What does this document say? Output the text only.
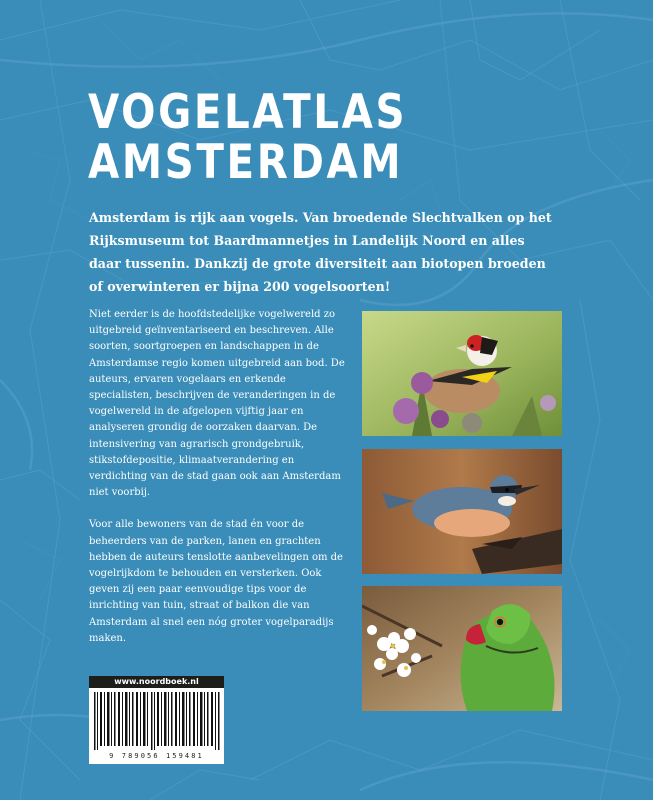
VOGELATLAS
AMSTERDAM

Amsterdam is rijk aan vogels. Van broedende Slechtvalken op het Rijksmuseum tot Baardmannetjes in Landelijk Noord en alles daar tussenin. Dankzij de grote diversiteit aan biotopen broeden of overwinteren er bijna 200 vogelsoorten!

Niet eerder is de hoofdstedelijke vogelwereld zo uitgebreid geïnventariseerd en beschreven. Alle soorten, soortgroepen en landschappen in de Amsterdamse regio komen uitgebreid aan bod. De auteurs, ervaren vogelaars en erkende specialisten, beschrijven de veranderingen in de vogelwereld in de afgelopen vijftig jaar en analyseren grondig de oorzaken daarvan. De intensivering van agrarisch grondgebruik, stikstofdepositie, klimaatverandering en verdichting van de stad gaan ook aan Amsterdam niet voorbij.

Voor alle bewoners van de stad én voor de beheerders van de parken, lanen en grachten hebben de auteurs tenslotte aanbevelingen om de vogelrijkdom te behouden en versterken. Ook geven zij een paar eenvoudige tips voor de inrichting van tuin, straat of balkon die van Amsterdam al snel een nóg groter vogelparadijs maken.

www.noordboek.nl
9 789056 159481
